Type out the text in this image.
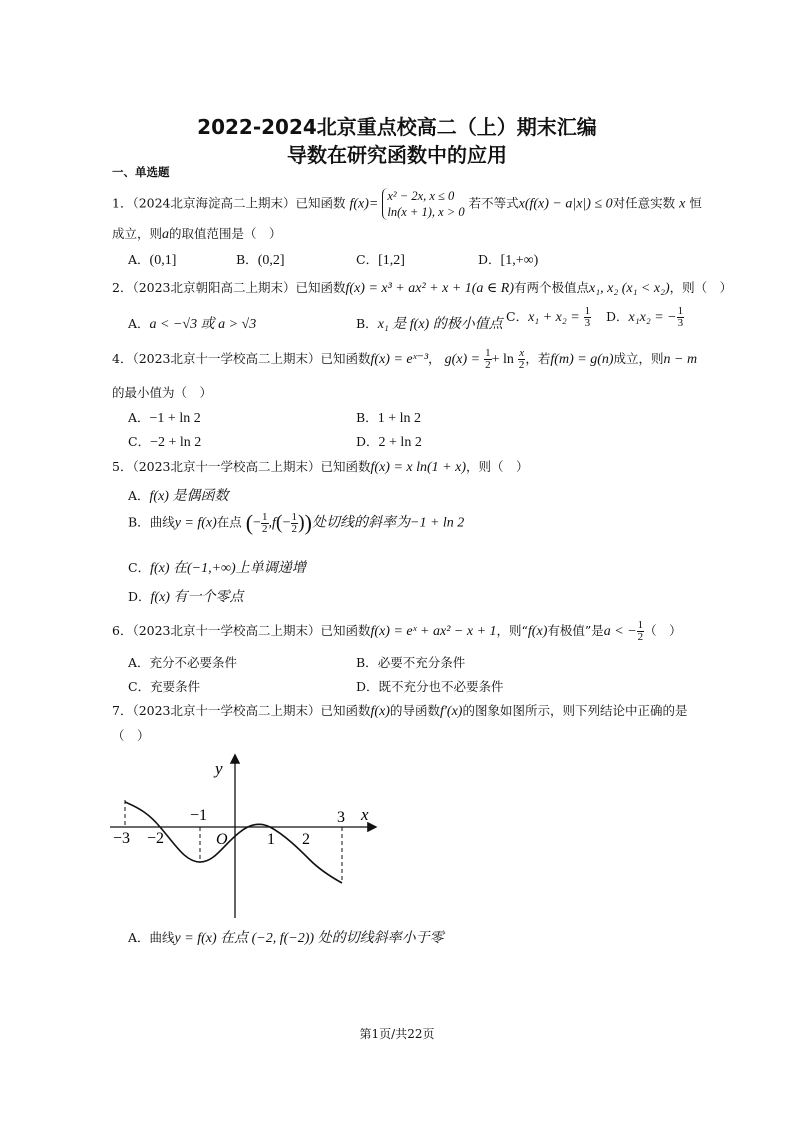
2022-2024北京重点校高二（上）期末汇编
导数在研究函数中的应用
一、单选题
1．（2024北京海淀高二上期末）已知函数 f(x)=
x² − 2x, x ≤ 0
ln(x + 1), x > 0
若不等式x(f(x) − a|x|) ≤ 0对任意实数 x 恒
成立，则a的取值范围是（　）
A．(0,1]	B．(0,2]	C．[1,2]	D．[1,+∞)
2．（2023北京朝阳高二上期末）已知函数f(x) = x³ + ax² + x + 1(a ∈ R)有两个极值点x₁, x₂ (x₁ < x₂)，则（　）
A．a < −√3 或 a > √3	B．x₁ 是 f(x) 的极小值点
C．$x_1 + x_2 = \frac{1}{3}$ D．x₁x₂ = − $\frac{1}{3}$
4．（2023北京十一学校高二上期末）已知函数f(x) = eˣ⁻³， $g(x) = \frac{1}{2} + \ln \frac{x}{2}$ ，若f(m) = g(n)成立，则n − m
的最小值为（　）
A．−1 + ln 2	B．1 + ln 2
C．−2 + ln 2	D．2 + ln 2
5．（2023北京十一学校高二上期末）已知函数f(x) = x ln(1 + x)，则（　）
A．f(x) 是偶函数
B．曲线y = f(x)在点 (− $\frac{1}{2} ,f(- \frac{1}{2}$ ))处切线的斜率为−1 + ln 2
C．f(x) 在(−1,+∞)上单调递增
D．f(x) 有一个零点
6．（2023北京十一学校高二上期末）已知函数f(x) = eˣ + ax² − x + 1，则“f(x)有极值”是a < − $\frac{1}{2}$ （　）
A．充分不必要条件	B．必要不充分条件
C．充要条件	D．既不充分也不必要条件
7．（2023北京十一学校高二上期末）已知函数f(x)的导函数f′(x)的图象如图所示，则下列结论中正确的是
（　）
y
x
O
−3 −2
−1
1 2
3
A．曲线y = f(x) 在点 (−2, f(−2)) 处的切线斜率小于零
第1页/共22页
